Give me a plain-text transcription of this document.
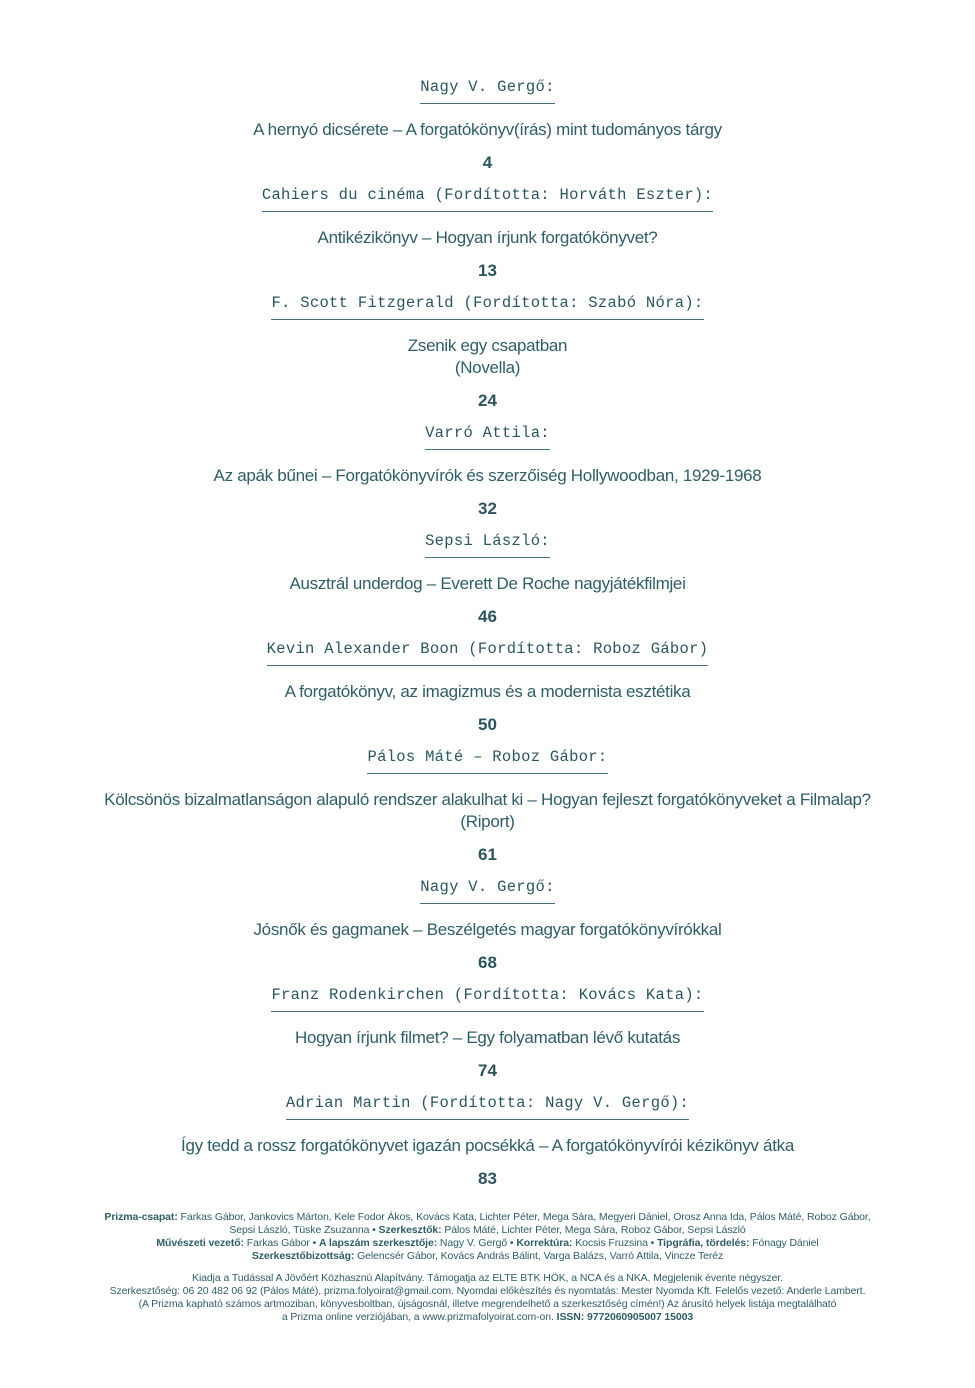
Nagy V. Gergő:
A hernyó dicsérete – A forgatókönyv(írás) mint tudományos tárgy
4
Cahiers du cinéma (Fordította: Horváth Eszter):
Antikézikönyv – Hogyan írjunk forgatókönyvet?
13
F. Scott Fitzgerald (Fordította: Szabó Nóra):
Zsenik egy csapatban
(Novella)
24
Varró Attila:
Az apák bűnei – Forgatókönyvírók és szerzőiség Hollywoodban, 1929-1968
32
Sepsi László:
Ausztrál underdog – Everett De Roche nagyjátékfilmjei
46
Kevin Alexander Boon (Fordította: Roboz Gábor)
A forgatókönyv, az imagizmus és a modernista esztétika
50
Pálos Máté – Roboz Gábor:
Kölcsönös bizalmatlanságon alapuló rendszer alakulhat ki – Hogyan fejleszt forgatókönyveket a Filmalap?
(Riport)
61
Nagy V. Gergő:
Jósnők és gagmanek – Beszélgetés magyar forgatókönyvírókkal
68
Franz Rodenkirchen (Fordította: Kovács Kata):
Hogyan írjunk filmet? – Egy folyamatban lévő kutatás
74
Adrian Martin (Fordította: Nagy V. Gergő):
Így tedd a rossz forgatókönyvet igazán pocsékká – A forgatókönyvírói kézikönyv átka
83
Prizma-csapat: Farkas Gábor, Jankovics Márton, Kele Fodor Ákos, Kovács Kata, Lichter Péter, Mega Sára, Megyeri Dániel, Orosz Anna Ida, Pálos Máté, Roboz Gábor,
Sepsi László, Tüske Zsuzanna • Szerkesztők: Pálos Máté, Lichter Péter, Mega Sára, Roboz Gábor, Sepsi László
Művészeti vezető: Farkas Gábor • A lapszám szerkesztője: Nagy V. Gergő • Korrektúra: Kocsis Fruzsina • Tipgráfia, tördelés: Fónagy Dániel
Szerkesztőbizottság: Gelencsér Gábor, Kovács András Bálint, Varga Balázs, Varró Attila, Vincze Teréz
Kiadja a Tudással A Jövőért Közhasznú Alapítvány. Támogatja az ELTE BTK HÖK, a NCA és a NKA. Megjelenik évente négyszer.
Szerkesztőség: 06 20 482 06 92 (Pálos Máté), prizma.folyoirat@gmail.com. Nyomdai előkészítés és nyomtatás: Mester Nyomda Kft. Felelős vezető: Anderle Lambert.
(A Prizma kapható számos artmoziban, könyvesboltban, újságosnál, illetve megrendelhető a szerkesztőség címén!) Az árusító helyek listája megtalálható
a Prizma online verziójában, a www.prizmafolyoirat.com-on. ISSN: 9772060905007 15003
